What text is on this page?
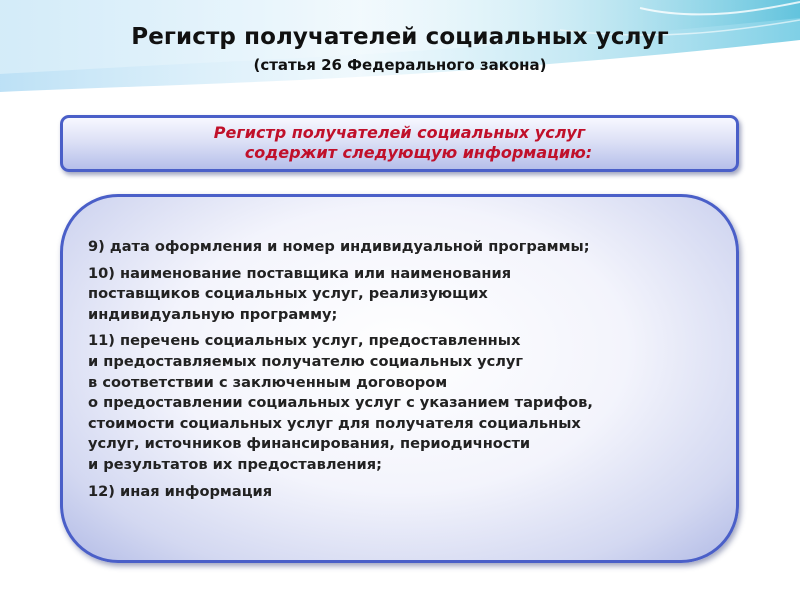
Регистр получателей социальных услуг
(статья 26 Федерального закона)
Регистр получателей социальных услуг
содержит следующую информацию:
9) дата оформления и номер индивидуальной программы;
10) наименование поставщика или наименования
поставщиков социальных услуг, реализующих
индивидуальную программу;
11) перечень социальных услуг, предоставленных
и предоставляемых получателю социальных услуг
в соответствии с заключенным договором
о предоставлении социальных услуг с указанием тарифов,
стоимости социальных услуг для получателя социальных
услуг, источников финансирования, периодичности
и результатов их предоставления;
12) иная информация
